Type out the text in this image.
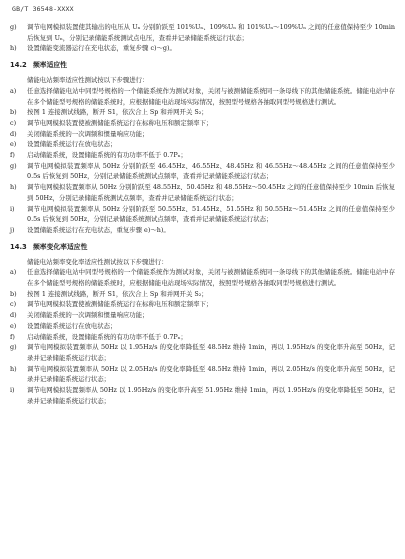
GB/T 36548-XXXX
g)	调节电网模拟装置使其输出的电压从 Uₙ 分别阶跃至 101%Uₙ、109%Uₙ 和 101%Uₙ～109%Uₙ 之间的任意值保持至少 10min 后恢复到 Uₙ，分别记录储能系统测试点电压，查看并记录储能系统运行状态；
h)	设置储能变流器运行在充电状态，重复步骤 c)～g)。
14.2 频率适应性
储能电站频率适应性测试按以下步骤进行：
a)	任意选择储能电站中同型号规格的一个储能系统作为测试对象，关闭与被测储能系统同一条母线下的其他储能系统。储能电站中存在多个储能型号规格的储能系统时，应根据储能电站现场实际情况，按照型号规格各抽取同型号规格进行测试。
b)	按图 1 连接测试线路，断开 S1，依次合上 Sp 和并网开关 S₂；
c)	调节电网模拟装置使被测储能系统运行在标称电压和额定频率下；
d)	关闭储能系统的一次调频和惯量响应功能；
e)	设置储能系统运行在放电状态；
f)	启动储能系统，设置储能系统的有功功率不低于 0.7Pₙ；
g)	调节电网模拟装置频率从 50Hz 分别阶跃至 46.45Hz、46.55Hz、48.45Hz 和 46.55Hz～48.45Hz 之间的任意值保持至少 0.5s 后恢复到 50Hz，分别记录储能系统测试点频率，查看并记录储能系统运行状态；
h)	调节电网模拟装置频率从 50Hz 分别阶跃至 48.55Hz、50.45Hz 和 48.55Hz～50.45Hz 之间的任意值保持至少 10min 后恢复到 50Hz，分别记录储能系统测试点频率，查看并记录储能系统运行状态；
i)	调节电网模拟装置频率从 50Hz 分别阶跃至 50.55Hz、51.45Hz、51.55Hz 和 50.55Hz～51.45Hz 之间的任意值保持至少 0.5s 后恢复到 50Hz，分别记录储能系统测试点频率，查看并记录储能系统运行状态；
j)	设置储能系统运行在充电状态，重复步骤 e)～h)。
14.3 频率变化率适应性
储能电站频率变化率适应性测试按以下步骤进行：
a)	任意选择储能电站中同型号规格的一个储能系统作为测试对象，关闭与被测储能系统同一条母线下的其他储能系统。储能电站中存在多个储能型号规格的储能系统时，应根据储能电站现场实际情况，按照型号规格各抽取同型号规格进行测试。
b)	按图 1 连接测试线路，断开 S1，依次合上 Sp 和并网开关 S₂；
c)	调节电网模拟装置使被测储能系统运行在标称电压和额定频率下；
d)	关闭储能系统的一次调频和惯量响应功能；
e)	设置储能系统运行在放电状态；
f)	启动储能系统，设置储能系统的有功功率不低于 0.7Pₙ；
g)	调节电网模拟装置频率从 50Hz 以 1.95Hz/s 的变化率降低至 48.5Hz 维持 1min，再以 1.95Hz/s 的变化率升高至 50Hz，记录并记录储能系统运行状态；
h)	调节电网模拟装置频率从 50Hz 以 2.05Hz/s 的变化率降低至 48.5Hz 维持 1min，再以 2.05Hz/s 的变化率升高至 50Hz，记录并记录储能系统运行状态；
i)	调节电网模拟装置频率从 50Hz 以 1.95Hz/s 的变化率升高至 51.95Hz 维持 1min，再以 1.95Hz/s 的变化率降低至 50Hz，记录并记录储能系统运行状态；
